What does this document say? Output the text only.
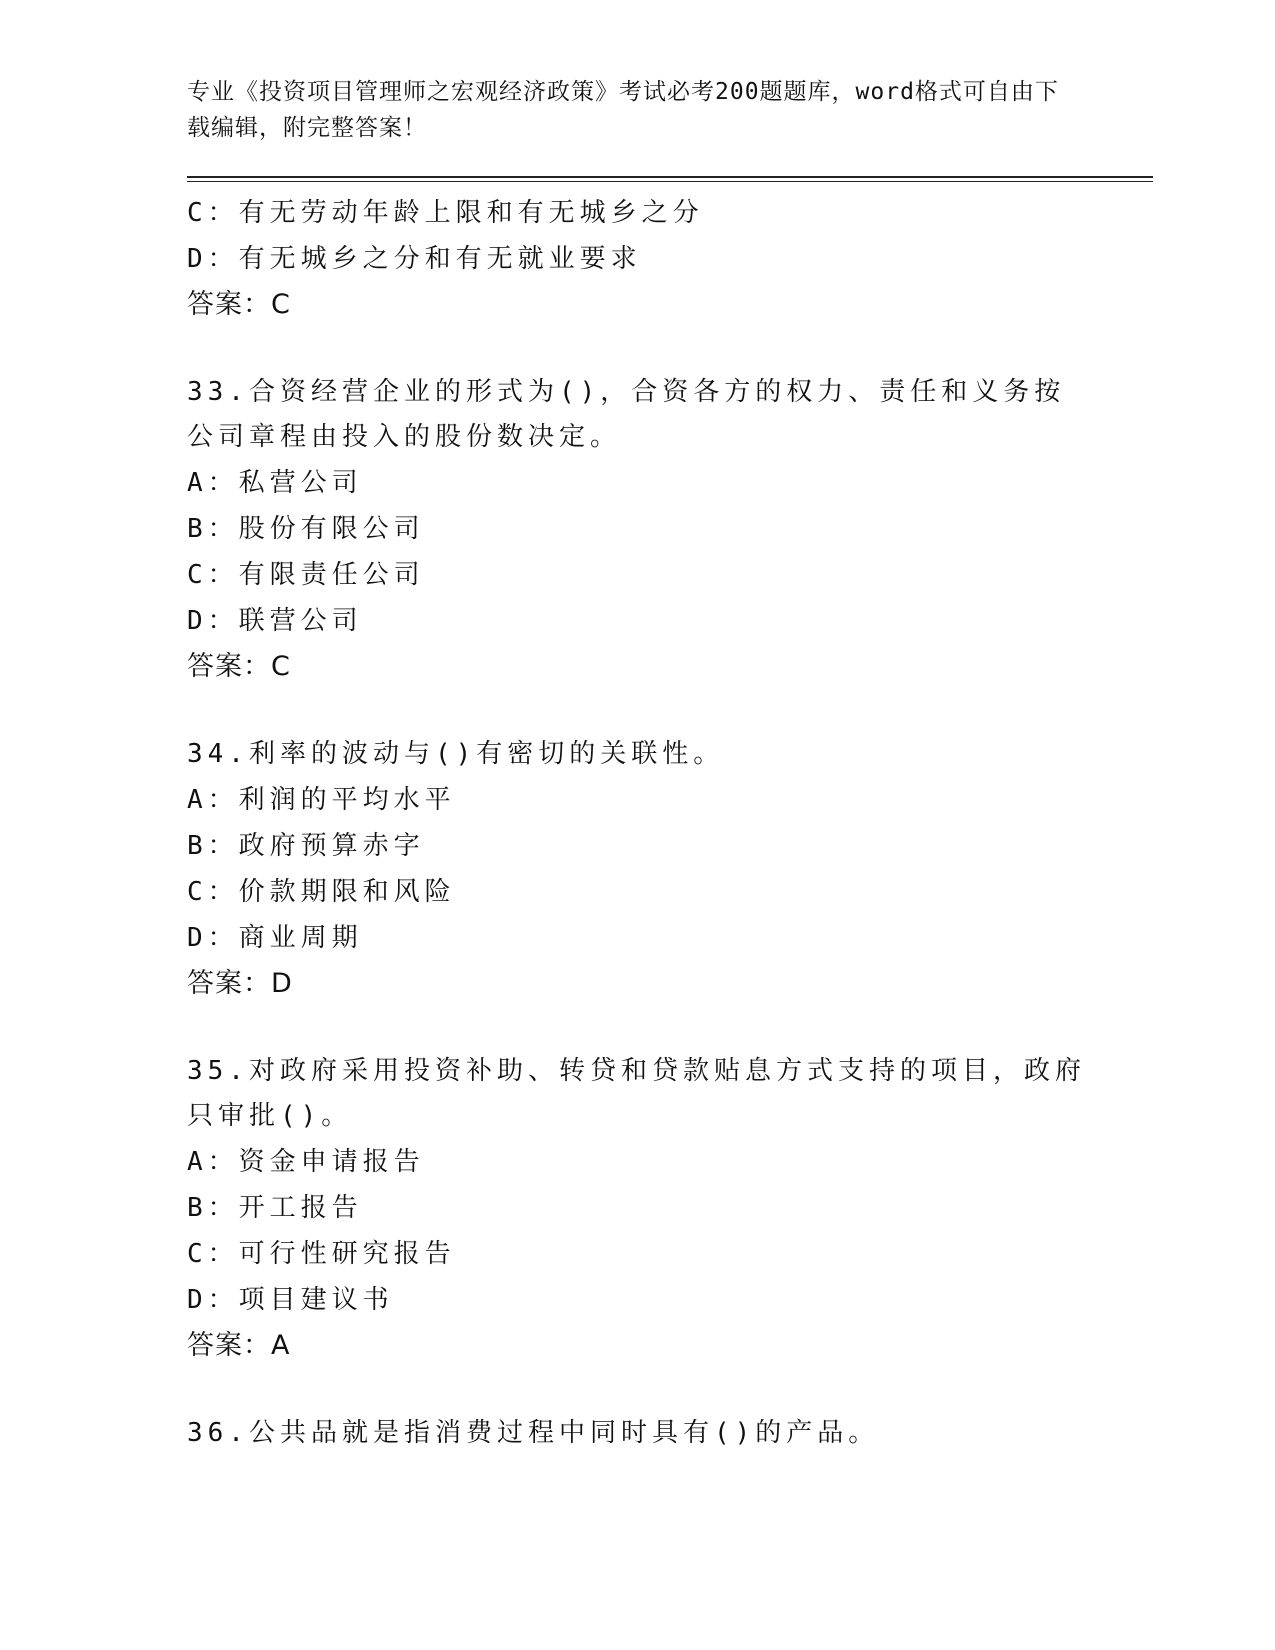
专业《投资项目管理师之宏观经济政策》考试必考200题题库，word格式可自由下载编辑，附完整答案！
C：有无劳动年龄上限和有无城乡之分
D：有无城乡之分和有无就业要求
答案：C
33.合资经营企业的形式为()，合资各方的权力、责任和义务按公司章程由投入的股份数决定。
A：私营公司
B：股份有限公司
C：有限责任公司
D：联营公司
答案：C
34.利率的波动与()有密切的关联性。
A：利润的平均水平
B：政府预算赤字
C：价款期限和风险
D：商业周期
答案：D
35.对政府采用投资补助、转贷和贷款贴息方式支持的项目，政府只审批()。
A：资金申请报告
B：开工报告
C：可行性研究报告
D：项目建议书
答案：A
36.公共品就是指消费过程中同时具有()的产品。
